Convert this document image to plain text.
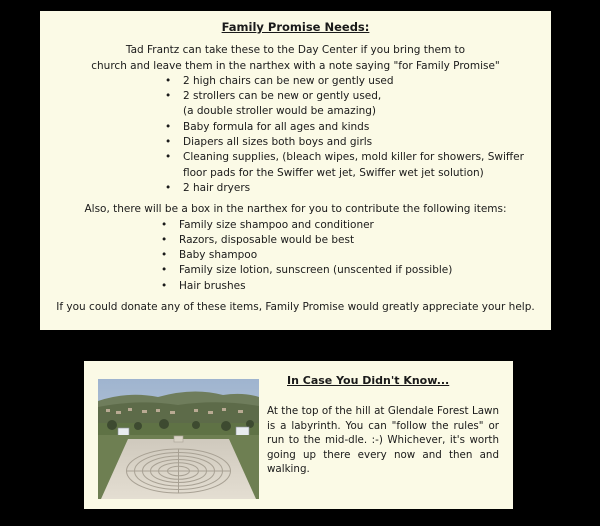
Family Promise Needs:

Tad Frantz can take these to the Day Center if you bring them to

church and leave them in the narthex with a note saying "for Family Promise"

• 2 high chairs can be new or gently used
• 2 strollers can be new or gently used,
(a double stroller would be amazing)
• Baby formula for all ages and kinds
• Diapers all sizes both boys and girls
• Cleaning supplies, (bleach wipes, mold killer for showers, Swiffer
floor pads for the Swiffer wet jet, Swiffer wet jet solution)
• 2 hair dryers

Also, there will be a box in the narthex for you to contribute the following items:

• Family size shampoo and conditioner
• Razors, disposable would be best
• Baby shampoo
• Family size lotion, sunscreen (unscented if possible)
• Hair brushes

If you could donate any of these items, Family Promise would greatly appreciate your help.

In Case You Didn't Know...
At the top of the hill at Glendale Forest Lawn is a labyrinth. You can "follow the rules" or run to the mid-dle. :-) Whichever, it's worth going up there every now and then and walking.
